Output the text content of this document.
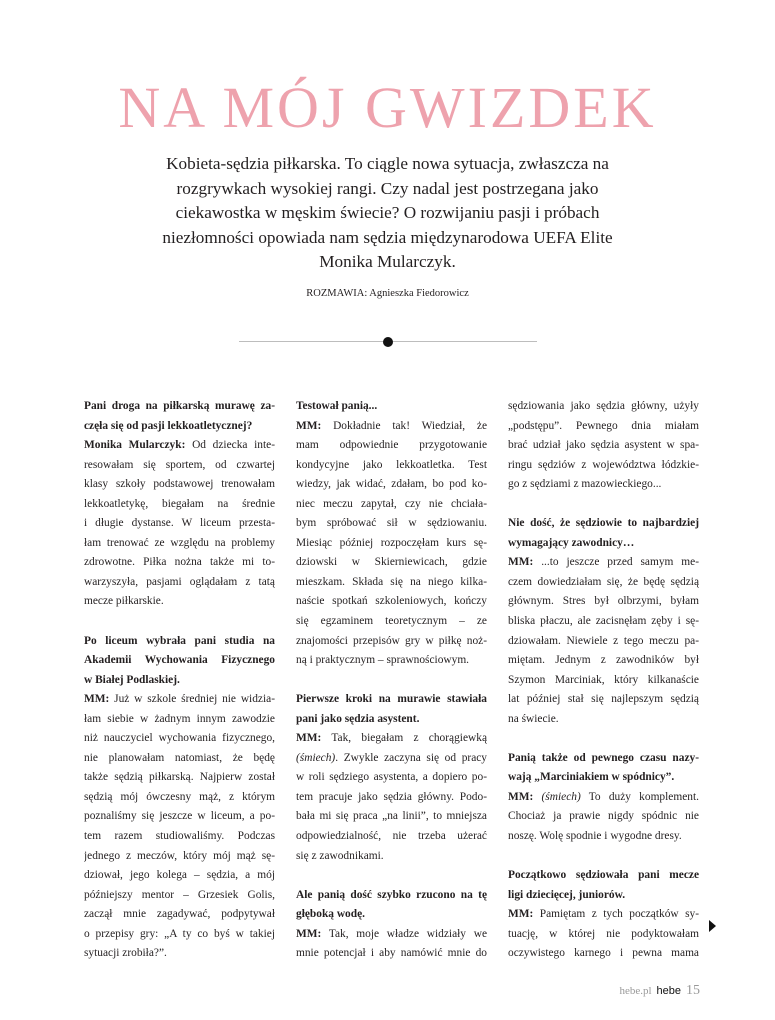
NA MÓJ GWIZDEK
Kobieta-sędzia piłkarska. To ciągle nowa sytuacja, zwłaszcza na rozgrywkach wysokiej rangi. Czy nadal jest postrzegana jako ciekawostka w męskim świecie? O rozwijaniu pasji i próbach niezłomności opowiada nam sędzia międzynarodowa UEFA Elite Monika Mularczyk.
ROZMAWIA: Agnieszka Fiedorowicz
Pani droga na piłkarską murawę za-
częła się od pasji lekkoatletycznej?
Monika Mularczyk: Od dziecka inte-
resowałam się sportem, od czwartej
klasy szkoły podstawowej trenowałam
lekkoatletykę, biegałam na średnie
i długie dystanse. W liceum przesta-
łam trenować ze względu na problemy
zdrowotne. Piłka nożna także mi to-
warzyszyła, pasjami oglądałam z tatą
mecze piłkarskie.
Po liceum wybrała pani studia na
Akademii Wychowania Fizycznego
w Białej Podlaskiej.
MM: Już w szkole średniej nie widzia-
łam siebie w żadnym innym zawodzie
niż nauczyciel wychowania fizycznego,
nie planowałam natomiast, że będę
także sędzią piłkarską. Najpierw został
sędzią mój ówczesny mąż, z którym
poznaliśmy się jeszcze w liceum, a po-
tem razem studiowaliśmy. Podczas
jednego z meczów, który mój mąż sę-
dziował, jego kolega – sędzia, a mój
późniejszy mentor – Grzesiek Golis,
zaczął mnie zagadywać, podpytywał
o przepisy gry: „A ty co byś w takiej
sytuacji zrobiła?”.
Testował panią...
MM: Dokładnie tak! Wiedział, że
mam odpowiednie przygotowanie
kondycyjne jako lekkoatletka. Test
wiedzy, jak widać, zdałam, bo pod ko-
niec meczu zapytał, czy nie chciała-
bym spróbować sił w sędziowaniu.
Miesiąc później rozpoczęłam kurs sę-
dziowski w Skierniewicach, gdzie
mieszkam. Składa się na niego kilka-
naście spotkań szkoleniowych, kończy
się egzaminem teoretycznym – ze
znajomości przepisów gry w piłkę noż-
ną i praktycznym – sprawnościowym.
Pierwsze kroki na murawie stawiała
pani jako sędzia asystent.
MM: Tak, biegałam z chorągiewką
(śmiech). Zwykle zaczyna się od pracy
w roli sędziego asystenta, a dopiero po-
tem pracuje jako sędzia główny. Podo-
bała mi się praca „na linii”, to mniejsza
odpowiedzialność, nie trzeba użerać
się z zawodnikami.
Ale panią dość szybko rzucono na tę
głęboką wodę.
MM: Tak, moje władze widziały we
mnie potencjał i aby namówić mnie do
sędziowania jako sędzia główny, użyły
„podstępu”. Pewnego dnia miałam
brać udział jako sędzia asystent w spa-
ringu sędziów z województwa łódzkie-
go z sędziami z mazowieckiego...
Nie dość, że sędziowie to najbardziej
wymagający zawodnicy…
MM: ...to jeszcze przed samym me-
czem dowiedziałam się, że będę sędzią
głównym. Stres był olbrzymi, byłam
bliska płaczu, ale zacisnęłam zęby i sę-
dziowałam. Niewiele z tego meczu pa-
miętam. Jednym z zawodników był
Szymon Marciniak, który kilkanaście
lat później stał się najlepszym sędzią
na świecie.
Panią także od pewnego czasu nazy-
wają „Marciniakiem w spódnicy”.
MM: (śmiech) To duży komplement.
Chociaż ja prawie nigdy spódnic nie
noszę. Wolę spodnie i wygodne dresy.
Początkowo sędziowała pani mecze
ligi dziecięcej, juniorów.
MM: Pamiętam z tych początków sy-
tuację, w której nie podyktowałam
oczywistego karnego i pewna mama
hebe.pl hebe 15
